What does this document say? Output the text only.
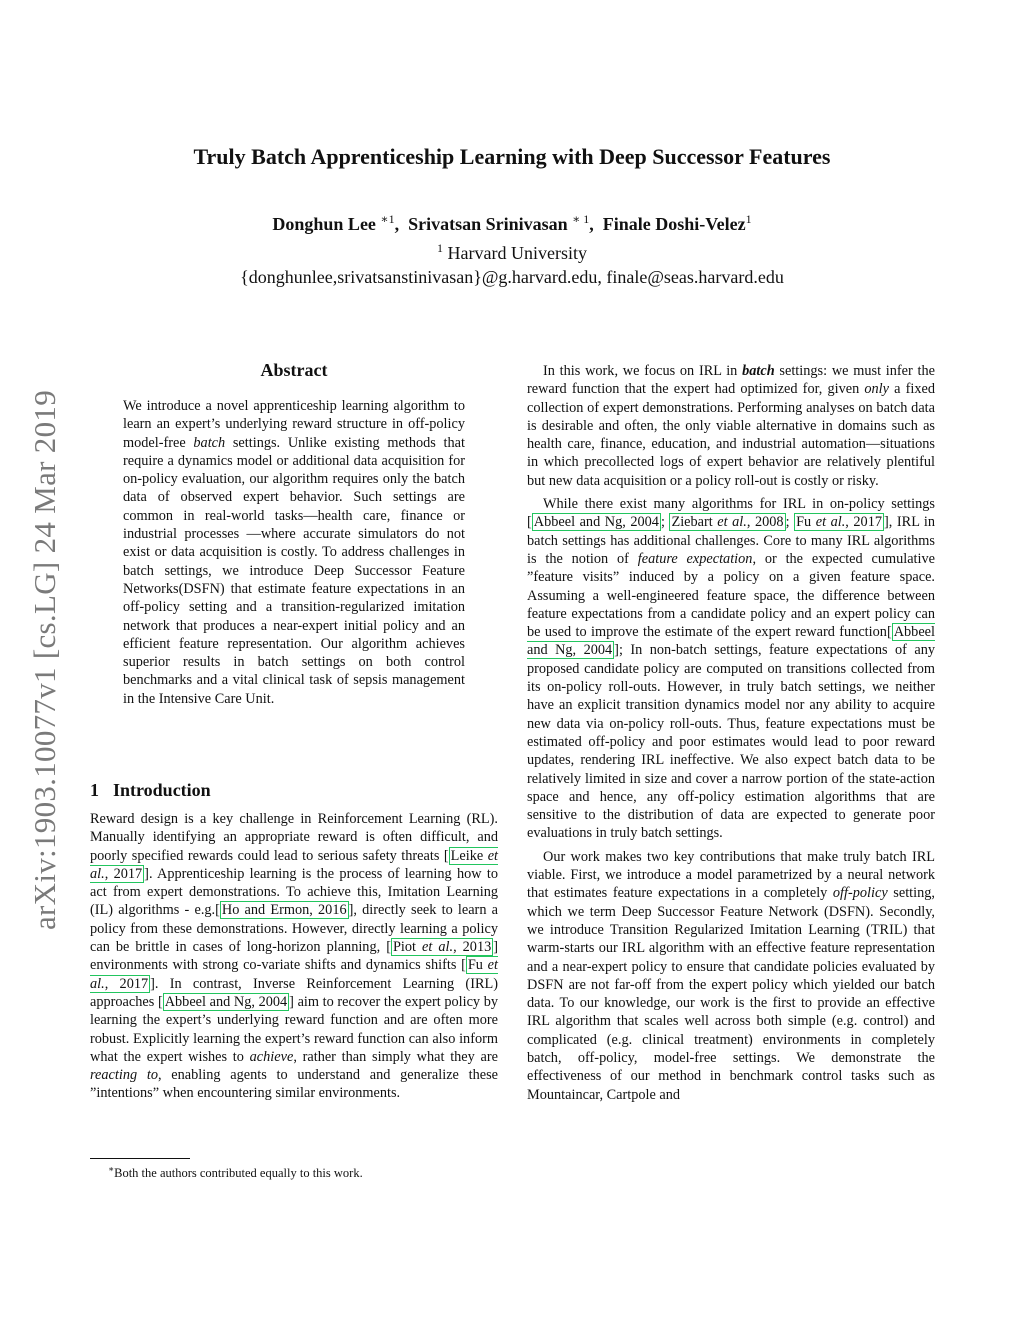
arXiv:1903.10077v1 [cs.LG] 24 Mar 2019
Truly Batch Apprenticeship Learning with Deep Successor Features
Donghun Lee $^{∗1}$,  Srivatsan Srinivasan $^{∗ 1}$,  Finale Doshi-Velez$^1$
$^1$ Harvard University
{donghunlee,srivatsanstinivasan}@g.harvard.edu, finale@seas.harvard.edu
Abstract

We introduce a novel apprenticeship learning algorithm to learn an expert’s underlying reward structure in off-policy model-free batch settings. Unlike existing methods that require a dynamics model or additional data acquisition for on-policy evaluation, our algorithm requires only the batch data of observed expert behavior. Such settings are common in real-world tasks—health care, finance or industrial processes —where accurate simulators do not exist or data acquisition is costly. To address challenges in batch settings, we introduce Deep Successor Feature Networks(DSFN) that estimate feature expectations in an off-policy setting and a transition-regularized imitation network that produces a near-expert initial policy and an efficient feature representation. Our algorithm achieves superior results in batch settings on both control benchmarks and a vital clinical task of sepsis management in the Intensive Care Unit.

1 Introduction

Reward design is a key challenge in Reinforcement Learning (RL). Manually identifying an appropriate reward is often difficult, and poorly specified rewards could lead to serious safety threats [ Leike et al., 2017 ]. Apprenticeship learning is the process of learning how to act from expert demonstrations. To achieve this, Imitation Learning (IL) algorithms - e.g.[ Ho and Ermon, 2016 ], directly seek to learn a policy from these demonstrations. However, directly learning a policy can be brittle in cases of long-horizon planning, [ Piot et al., 2013 ] environments with strong co-variate shifts and dynamics shifts [ Fu et al., 2017 ]. In contrast, Inverse Reinforcement Learning (IRL) approaches [ Abbeel and Ng, 2004 ] aim to recover the expert policy by learning the expert’s underlying reward function and are often more robust. Explicitly learning the expert’s reward function can also inform what the expert wishes to achieve, rather than simply what they are reacting to, enabling agents to understand and generalize these ”intentions” when encountering similar environments.

∗Both the authors contributed equally to this work.

In this work, we focus on IRL in batch settings: we must infer the reward function that the expert had optimized for, given only a fixed collection of expert demonstrations. Performing analyses on batch data is desirable and often, the only viable alternative in domains such as health care, finance, education, and industrial automation—situations in which precollected logs of expert behavior are relatively plentiful but new data acquisition or a policy roll-out is costly or risky.

While there exist many algorithms for IRL in on-policy settings [ Abbeel and Ng, 2004 ; Ziebart et al., 2008 ; Fu et al., 2017 ], IRL in batch settings has additional challenges. Core to many IRL algorithms is the notion of feature expectation, or the expected cumulative ”feature visits” induced by a policy on a given feature space. Assuming a well-engineered feature space, the difference between feature expectations from a candidate policy and an expert policy can be used to improve the estimate of the expert reward function[ Abbeel and Ng, 2004 ]; In non-batch settings, feature expectations of any proposed candidate policy are computed on transitions collected from its on-policy roll-outs. However, in truly batch settings, we neither have an explicit transition dynamics model nor any ability to acquire new data via on-policy roll-outs. Thus, feature expectations must be estimated off-policy and poor estimates would lead to poor reward updates, rendering IRL ineffective. We also expect batch data to be relatively limited in size and cover a narrow portion of the state-action space and hence, any off-policy estimation algorithms that are sensitive to the distribution of data are expected to generate poor evaluations in truly batch settings.

Our work makes two key contributions that make truly batch IRL viable. First, we introduce a model parametrized by a neural network that estimates feature expectations in a completely off-policy setting, which we term Deep Successor Feature Network (DSFN). Secondly, we introduce Transition Regularized Imitation Learning (TRIL) that warm-starts our IRL algorithm with an effective feature representation and a near-expert policy to ensure that candidate policies evaluated by DSFN are not far-off from the expert policy which yielded our batch data. To our knowledge, our work is the first to provide an effective IRL algorithm that scales well across both simple (e.g. control) and complicated (e.g. clinical treatment) environments in completely batch, off-policy, model-free settings. We demonstrate the effectiveness of our method in benchmark control tasks such as Mountaincar, Cartpole and
